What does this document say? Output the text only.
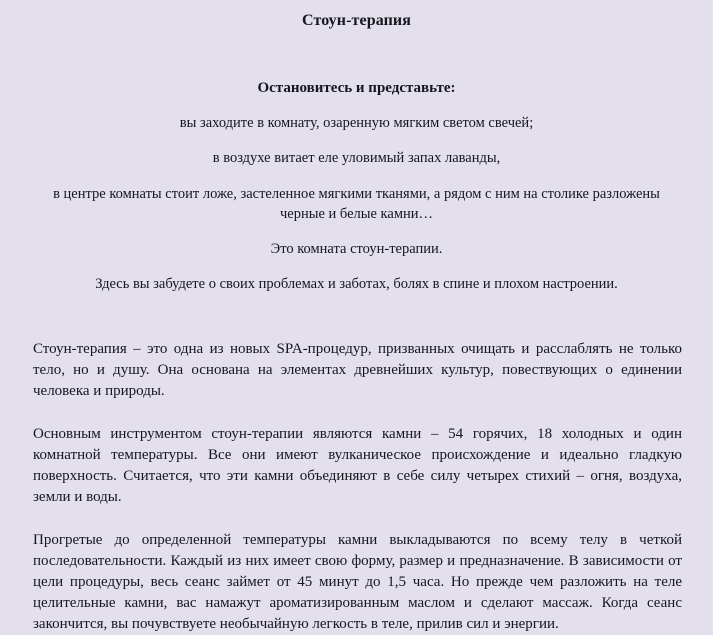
Стоун-терапия

Остановитесь и представьте:

вы заходите в комнату, озаренную мягким светом свечей;

в воздухе витает еле уловимый запах лаванды,

в центре комнаты стоит ложе, застеленное мягкими тканями, а рядом с ним на столике разложены черные и белые камни…

Это комната стоун-терапии.

Здесь вы забудете о своих проблемах и заботах, болях в спине и плохом настроении.

Стоун-терапия – это одна из новых SPA-процедур, призванных очищать и расслаблять не только тело, но и душу. Она основана на элементах древнейших культур, повествующих о единении человека и природы.

Основным инструментом стоун-терапии являются камни – 54 горячих, 18 холодных и один комнатной температуры. Все они имеют вулканическое происхождение и идеально гладкую поверхность. Считается, что эти камни объединяют в себе силу четырех стихий – огня, воздуха, земли и воды.

Прогретые до определенной температуры камни выкладываются по всему телу в четкой последовательности. Каждый из них имеет свою форму, размер и предназначение. В зависимости от цели процедуры, весь сеанс займет от 45 минут до 1,5 часа. Но прежде чем разложить на теле целительные камни, вас намажут ароматизированным маслом и сделают массаж. Когда сеанс закончится, вы почувствуете необычайную легкость в теле, прилив сил и энергии.
